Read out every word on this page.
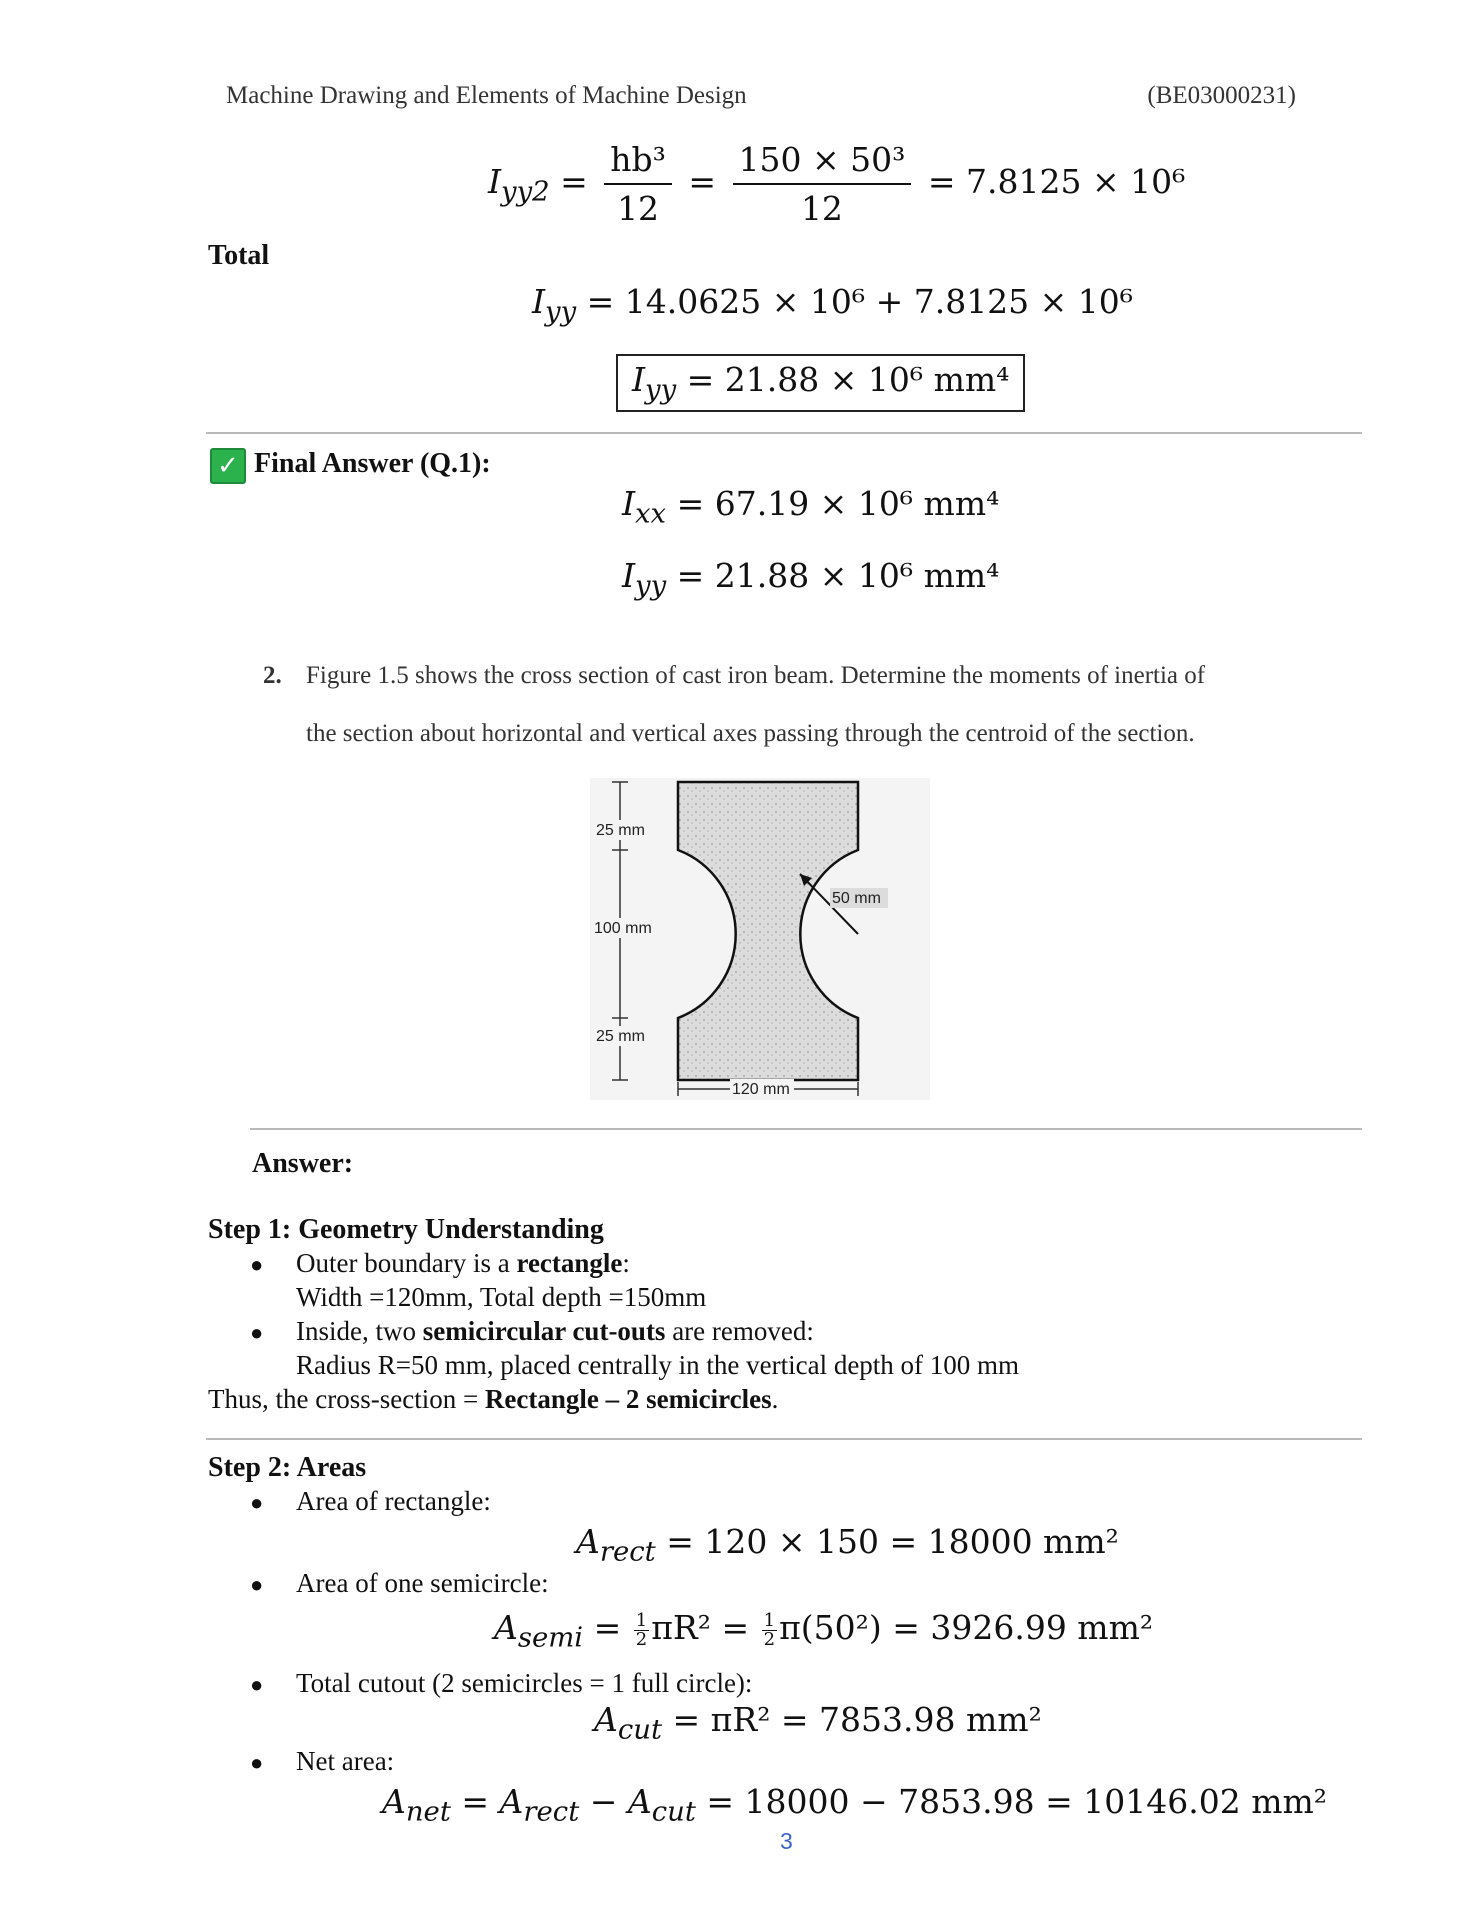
Machine Drawing and Elements of Machine Design	(BE03000231)
$I_{yy2} = \frac{\text{hb³}}{12} = \frac{\text{150 × 50³}}{12} = 7.8125 \times 10^6$
Total
$I_{yy} = 14.0625 \times 10^6 + 7.8125 \times 10^6$
$I_{yy} = 21.88 \times 10^6$ mm⁴
✓ Final Answer (Q.1):
$I_{xx} = 67.19 \times 10^6$ mm⁴
$I_{yy} = 21.88 \times 10^6$ mm⁴
2. Figure 1.5 shows the cross section of cast iron beam. Determine the moments of inertia of
the section about horizontal and vertical axes passing through the centroid of the section.
25 mm
100 mm
25 mm
120 mm
50 mm
Answer:
Step 1: Geometry Understanding
● Outer boundary is a rectangle:
Width =120mm, Total depth =150mm
● Inside, two semicircular cut-outs are removed:
Radius R=50 mm, placed centrally in the vertical depth of 100 mm
Thus, the cross-section = Rectangle – 2 semicircles.
Step 2: Areas
● Area of rectangle:
$A_{rect} = 120 \times 150 = 18000$ mm²
● Area of one semicircle:
$A_{semi} = \frac{1}{2} \pi R^2 = \frac{1}{2} \pi(50^2) = 3926.99$ mm²
● Total cutout (2 semicircles = 1 full circle):
$A_{cut} = \pi R^2 = 7853.98$ mm²
● Net area:
$A_{net} = A_{rect} - A_{cut} = 18000 - 7853.98 = 10146.02$ mm²
3
